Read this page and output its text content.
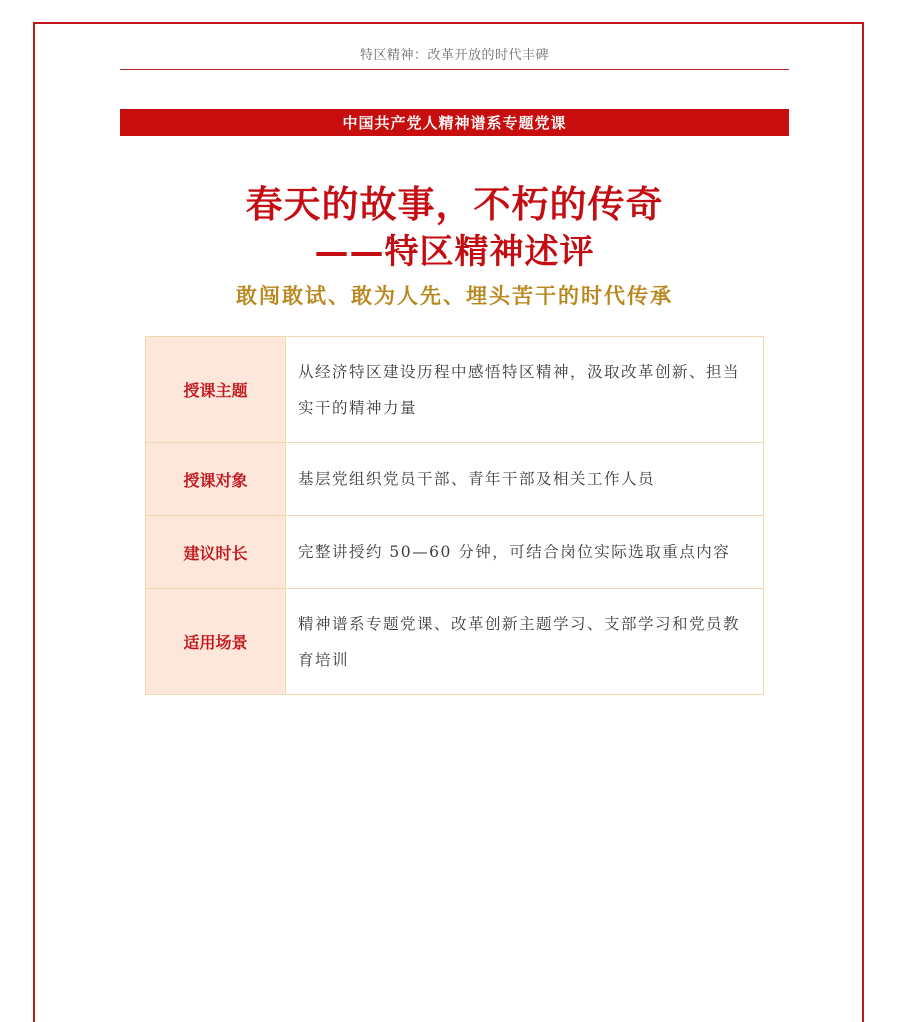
特区精神：改革开放的时代丰碑
中国共产党人精神谱系专题党课
春天的故事，不朽的传奇
——特区精神述评
敢闯敢试、敢为人先、埋头苦干的时代传承
授课主题	从经济特区建设历程中感悟特区精神，汲取改革创新、担当实干的精神力量
授课对象	基层党组织党员干部、青年干部及相关工作人员
建议时长	完整讲授约 50—60 分钟，可结合岗位实际选取重点内容
适用场景	精神谱系专题党课、改革创新主题学习、支部学习和党员教育培训
